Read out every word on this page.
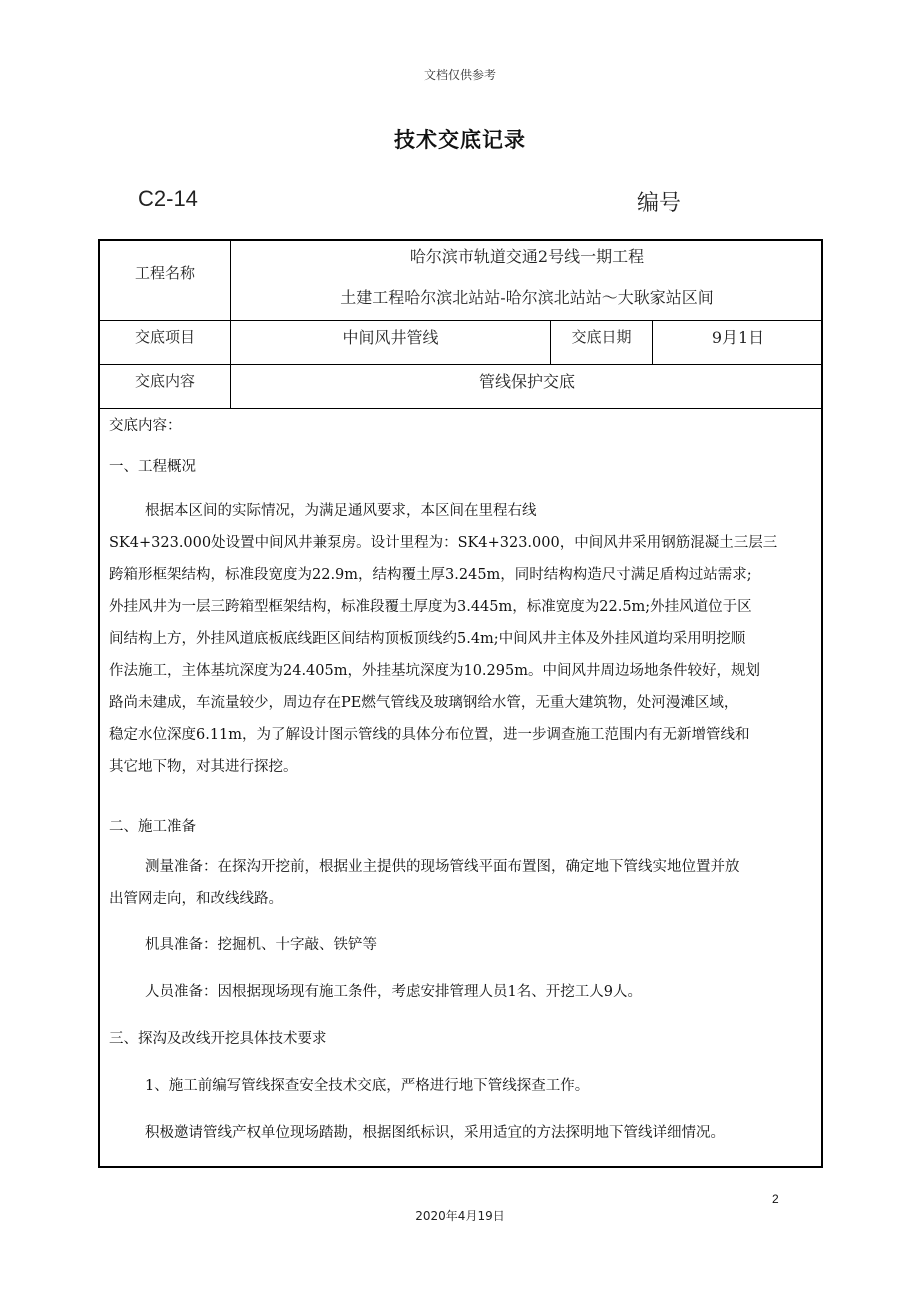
文档仅供参考
技术交底记录
C2-14	编号
工程名称
哈尔滨市轨道交通2号线一期工程
土建工程哈尔滨北站站-哈尔滨北站站～大耿家站区间
交底项目	中间风井管线	交底日期	9月1日
交底内容	管线保护交底
交底内容：
一、工程概况
根据本区间的实际情况，为满足通风要求，本区间在里程右线
SK4+323.000处设置中间风井兼泵房。设计里程为：SK4+323.000，中间风井采用钢筋混凝土三层三
跨箱形框架结构，标准段宽度为22.9m，结构覆土厚3.245m，同时结构构造尺寸满足盾构过站需求;
外挂风井为一层三跨箱型框架结构，标准段覆土厚度为3.445m，标准宽度为22.5m;外挂风道位于区
间结构上方，外挂风道底板底线距区间结构顶板顶线约5.4m;中间风井主体及外挂风道均采用明挖顺
作法施工，主体基坑深度为24.405m，外挂基坑深度为10.295m。中间风井周边场地条件较好，规划
路尚未建成，车流量较少，周边存在PE燃气管线及玻璃钢给水管，无重大建筑物，处河漫滩区域，
稳定水位深度6.11m，为了解设计图示管线的具体分布位置，进一步调查施工范围内有无新增管线和
其它地下物，对其进行探挖。
二、施工准备
测量准备：在探沟开挖前，根据业主提供的现场管线平面布置图，确定地下管线实地位置并放
出管网走向，和改线线路。
机具准备：挖掘机、十字敲、铁铲等
人员准备：因根据现场现有施工条件，考虑安排管理人员1名、开挖工人9人。
三、探沟及改线开挖具体技术要求
1、施工前编写管线探查安全技术交底，严格进行地下管线探查工作。
积极邀请管线产权单位现场踏勘，根据图纸标识，采用适宜的方法探明地下管线详细情况。
2
2020年4月19日
